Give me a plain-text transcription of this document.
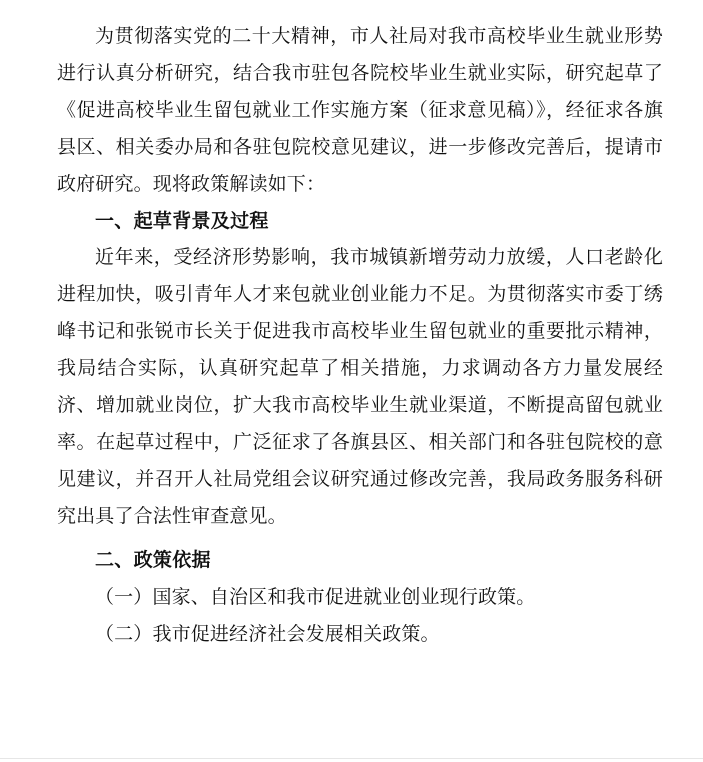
为贯彻落实党的二十大精神，市人社局对我市高校毕业生就业形势进行认真分析研究，结合我市驻包各院校毕业生就业实际，研究起草了《促进高校毕业生留包就业工作实施方案（征求意见稿）》，经征求各旗县区、相关委办局和各驻包院校意见建议，进一步修改完善后，提请市政府研究。现将政策解读如下：

一、起草背景及过程

近年来，受经济形势影响，我市城镇新增劳动力放缓，人口老龄化进程加快，吸引青年人才来包就业创业能力不足。为贯彻落实市委丁绣峰书记和张锐市长关于促进我市高校毕业生留包就业的重要批示精神，我局结合实际，认真研究起草了相关措施，力求调动各方力量发展经济、增加就业岗位，扩大我市高校毕业生就业渠道，不断提高留包就业率。在起草过程中，广泛征求了各旗县区、相关部门和各驻包院校的意见建议，并召开人社局党组会议研究通过修改完善，我局政务服务科研究出具了合法性审查意见。

二、政策依据

（一）国家、自治区和我市促进就业创业现行政策。

（二）我市促进经济社会发展相关政策。
